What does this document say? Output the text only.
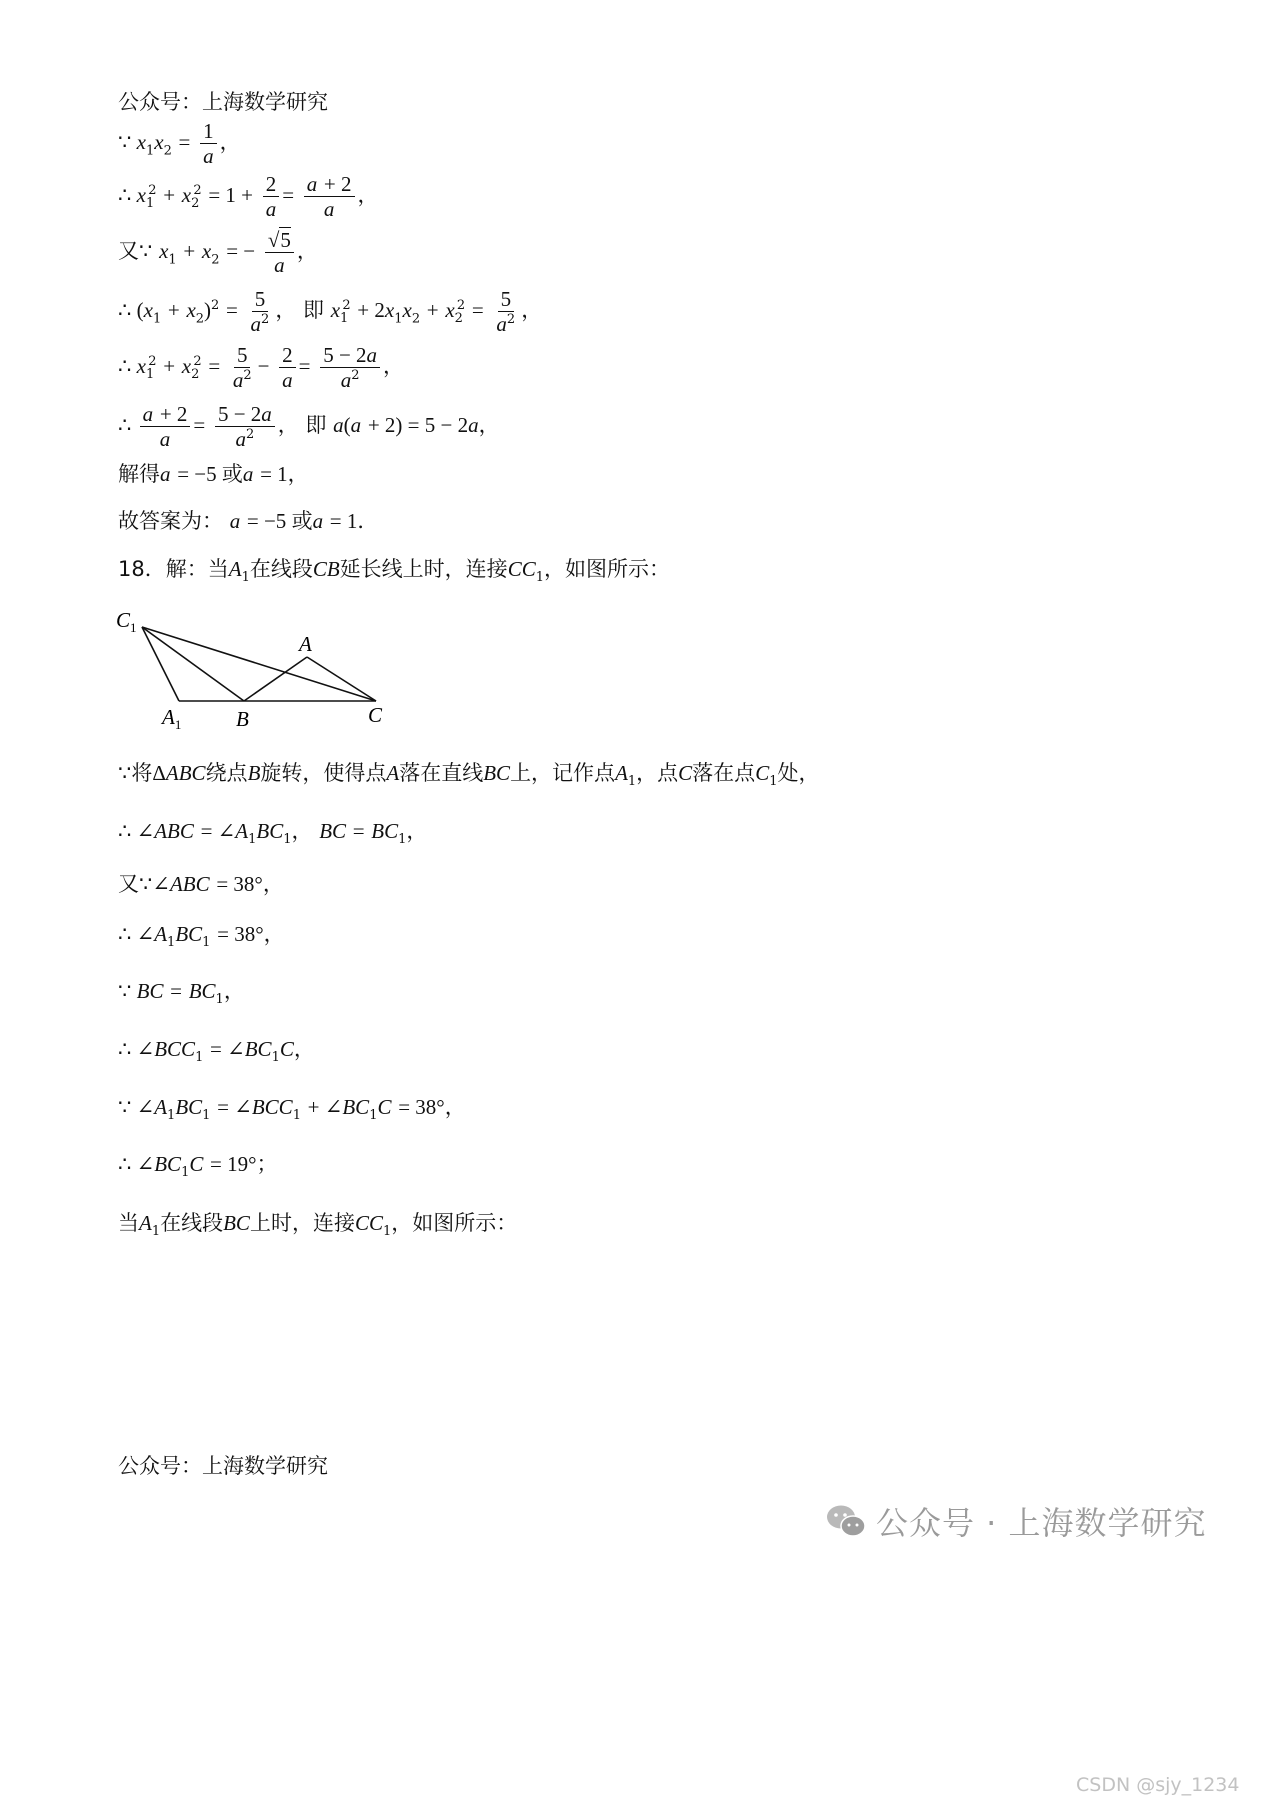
公众号：上海数学研究
∵ $x_1x_2 = \frac{1}{a}$ ，
∴ $x_1^2 + x_2^2 = 1 + \frac{2}{a} = \frac{a + 2}{a}$ ，
又∵ $x_1 + x_2$ = − $\frac{√5}{a}$ ，
∴ $(x_1 + x_2)^2 = \frac{5}{a^2}$ ， 即 $x_1^2 + 2x_1x_2 + x_2^2 = \frac{5}{a^2}$ ，
∴ $x_1^2 + x_2^2 = \frac{5}{a^2} - \frac{2}{a} = \frac{5 - 2a}{a^2}$ ，
∴ $\frac{a + 2}{a} = \frac{5 - 2a}{a^2}$ ， 即 a(a + 2) = 5 − 2a，
解得a = −5 或a = 1，
故答案为： a = −5 或a = 1．
18．解：当$A_1$在线段CB延长线上时，连接$CC_1$，如图所示：
$C_1$
A
$A_1$	B	C
∵将ΔABC绕点B旋转，使得点A落在直线BC上，记作点$A_1$，点C落在点$C_1$处，
∴ ∠ABC = $\angle A_1BC_1$， BC = $BC_1$，
又∵∠ABC = 38°，
∴ $\angle A_1BC_1 = 38^\circ$，
∵ BC = $BC_1$，
∴ $\angle BCC_1$ = $\angle BC_1C$，
∵ $\angle A_1BC_1$ = $\angle BCC_1$ + $\angle BC_1C = 38^\circ$，
∴ $\angle BC_1C = 19^\circ$；
当$A_1$在线段BC上时，连接$CC_1$，如图所示：
公众号：上海数学研究
公众号 · 上海数学研究
CSDN @sjy_1234
